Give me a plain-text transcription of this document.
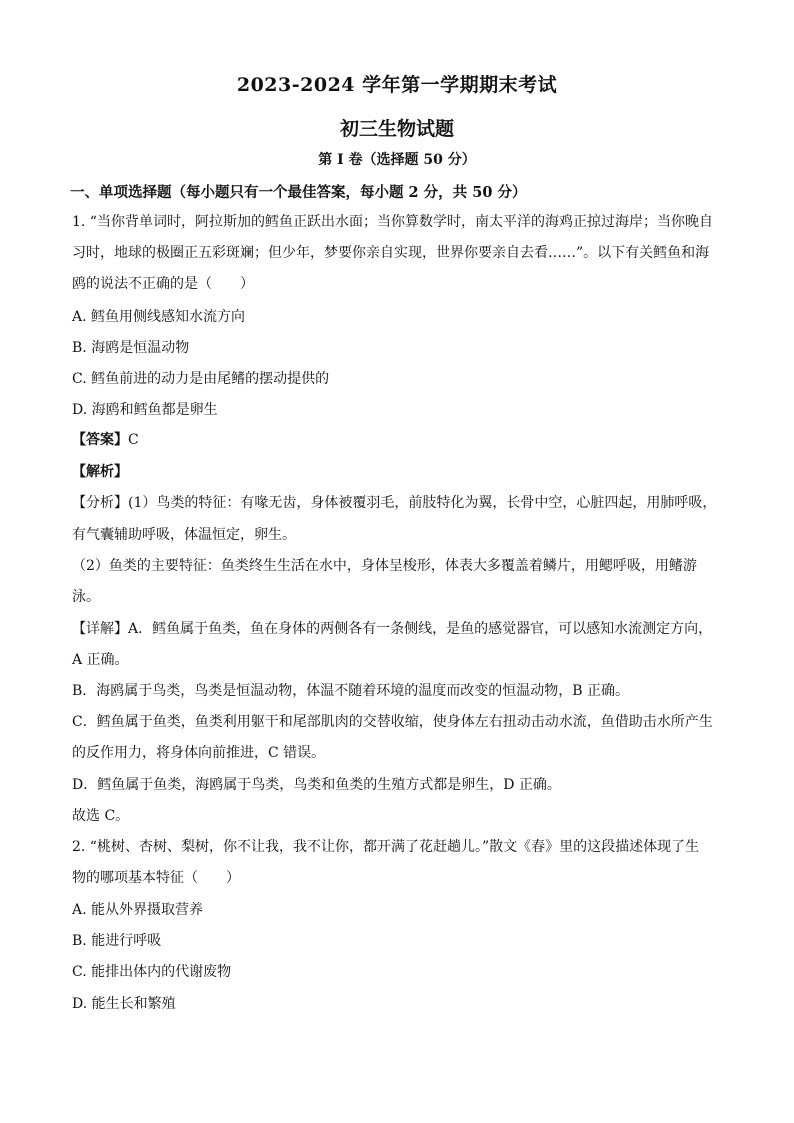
2023-2024 学年第一学期期末考试
初三生物试题
第 I 卷（选择题 50 分）
一、单项选择题（每小题只有一个最佳答案，每小题 2 分，共 50 分）
1. “当你背单词时，阿拉斯加的鳕鱼正跃出水面；当你算数学时，南太平洋的海鸡正掠过海岸；当你晚自
习时，地球的极圈正五彩斑斓；但少年，梦要你亲自实现，世界你要亲自去看……”。以下有关鳕鱼和海
鸥的说法不正确的是（　　）
A. 鳕鱼用侧线感知水流方向
B. 海鸥是恒温动物
C. 鳕鱼前进的动力是由尾鳍的摆动提供的
D. 海鸥和鳕鱼都是卵生
【答案】C
【解析】
【分析】(1）鸟类的特征：有喙无齿，身体被覆羽毛，前肢特化为翼，长骨中空，心脏四起，用肺呼吸，
有气囊辅助呼吸，体温恒定，卵生。
（2）鱼类的主要特征：鱼类终生生活在水中，身体呈梭形，体表大多覆盖着鳞片，用鳃呼吸，用鳍游
泳。
【详解】A．鳕鱼属于鱼类，鱼在身体的两侧各有一条侧线，是鱼的感觉器官，可以感知水流测定方向，
A 正确。
B．海鸥属于鸟类，鸟类是恒温动物，体温不随着环境的温度而改变的恒温动物，B 正确。
C．鳕鱼属于鱼类，鱼类利用躯干和尾部肌肉的交替收缩，使身体左右扭动击动水流，鱼借助击水所产生
的反作用力，将身体向前推进，C 错误。
D．鳕鱼属于鱼类，海鸥属于鸟类，鸟类和鱼类的生殖方式都是卵生，D 正确。
故选 C。
2. “桃树、杏树、梨树，你不让我，我不让你，都开满了花赶趟儿。”散文《春》里的这段描述体现了生
物的哪项基本特征（　　）
A. 能从外界摄取营养
B. 能进行呼吸
C. 能排出体内的代谢废物
D. 能生长和繁殖
